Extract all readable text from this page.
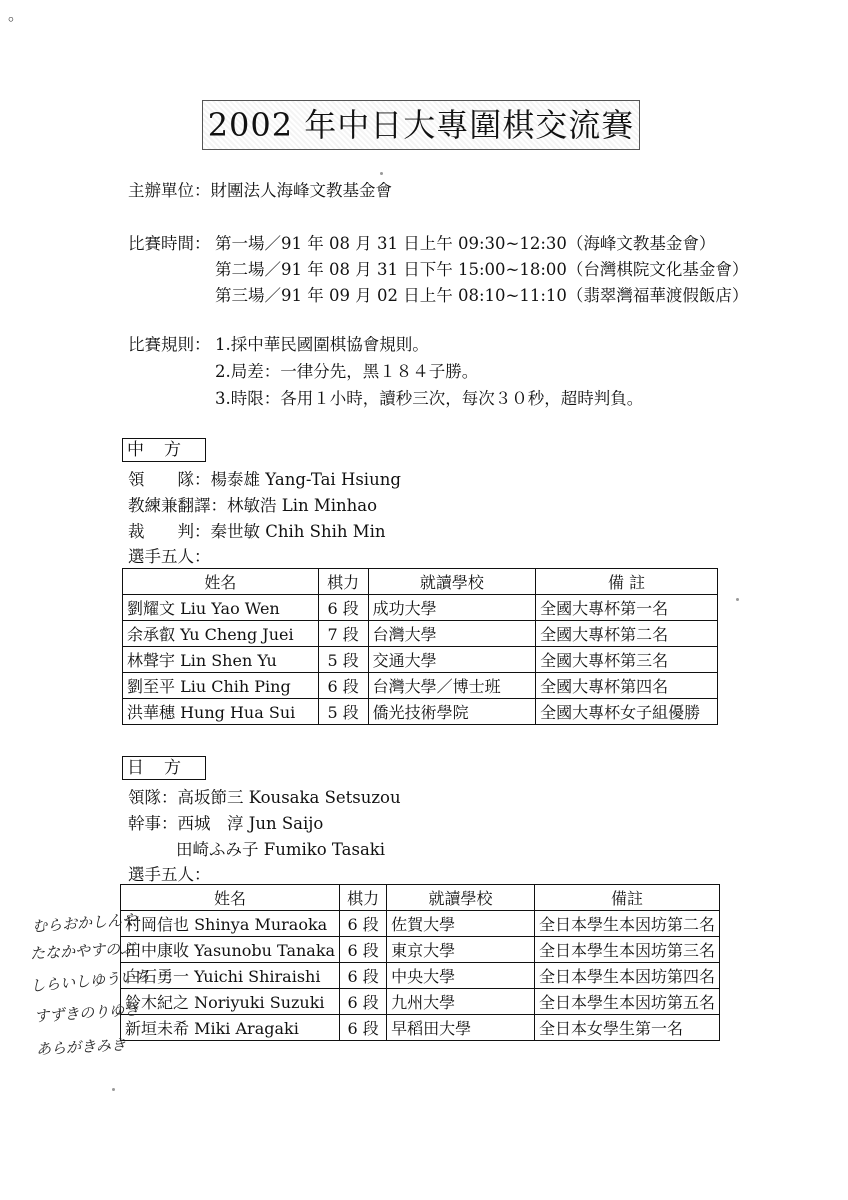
。
2002 年中日大專圍棋交流賽
主辦單位：財團法人海峰文教基金會
比賽時間： 第一場／91 年 08 月 31 日上午 09:30~12:30（海峰文教基金會）
第二場／91 年 08 月 31 日下午 15:00~18:00（台灣棋院文化基金會）
第三場／91 年 09 月 02 日上午 08:10~11:10（翡翠灣福華渡假飯店）
比賽規則： 1.採中華民國圍棋協會規則。
2.局差：一律分先，黑１８４子勝。
3.時限：各用１小時，讀秒三次，每次３０秒，超時判負。
中方
領　　隊：楊泰雄 Yang-Tai Hsiung
教練兼翻譯：林敏浩 Lin Minhao
裁　　判：秦世敏 Chih Shih Min
選手五人：
姓名	棋力	就讀學校	備 註
劉耀文 Liu Yao Wen	6 段	成功大學	全國大專杯第一名
余承叡 Yu Cheng Juei	7 段	台灣大學	全國大專杯第二名
林聲宇 Lin Shen Yu	5 段	交通大學	全國大專杯第三名
劉至平 Liu Chih Ping	6 段	台灣大學／博士班	全國大專杯第四名
洪華穗 Hung Hua Sui	5 段	僑光技術學院	全國大專杯女子組優勝
日方
領隊：高坂節三 Kousaka Setsuzou
幹事：西城　淳 Jun Saijo
田崎ふみ子 Fumiko Tasaki
選手五人：
姓名	棋力	就讀學校	備註
村岡信也 Shinya Muraoka	6 段	佐賀大學	全日本學生本因坊第二名
田中康收 Yasunobu Tanaka	6 段	東京大學	全日本學生本因坊第三名
白石勇一 Yuichi Shiraishi	6 段	中央大學	全日本學生本因坊第四名
鈴木紀之 Noriyuki Suzuki	6 段	九州大學	全日本學生本因坊第五名
新垣未希 Miki Aragaki	6 段	早稻田大學	全日本女學生第一名
むらおかしんや
たなかやすのぶ
しらいしゆういち
すずきのりゆき
あらがきみき
